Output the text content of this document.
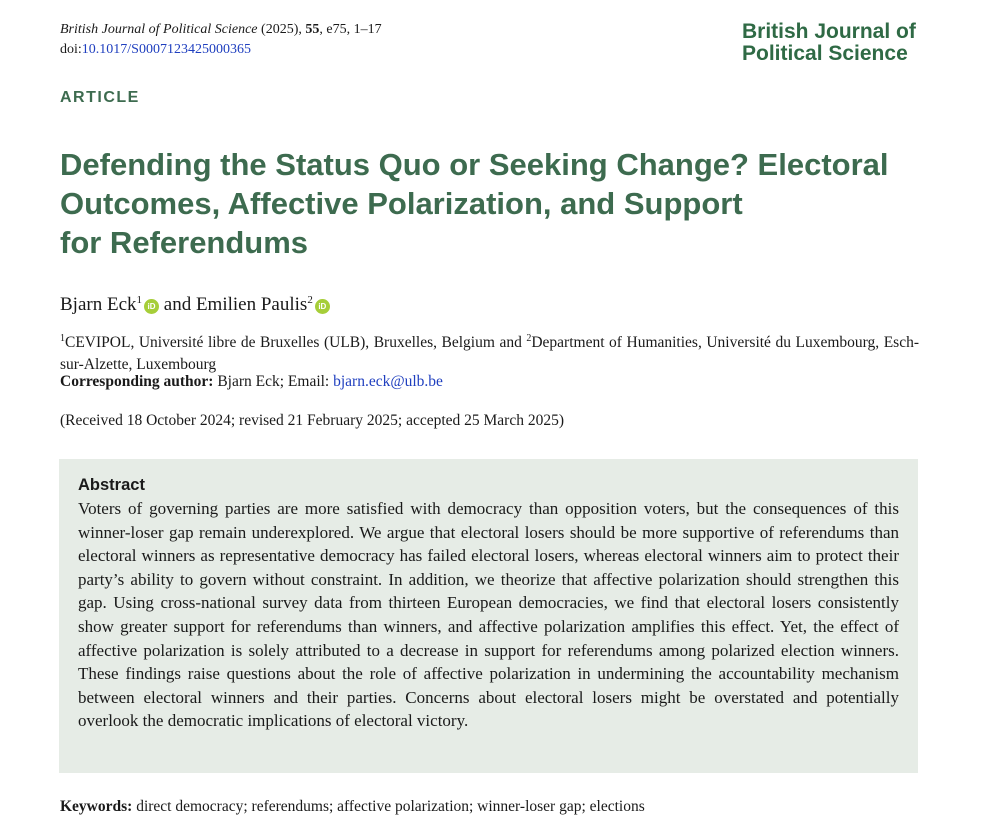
British Journal of Political Science (2025), 55, e75, 1–17
doi:10.1017/S0007123425000365
British Journal of
Political Science
ARTICLE
Defending the Status Quo or Seeking Change? Electoral
Outcomes, Affective Polarization, and Support
for Referendums
Bjarn Eck$^1$iD and Emilien Paulis$^2$iD

$^1$CEVIPOL, Université libre de Bruxelles (ULB), Bruxelles, Belgium and $^2$Department of Humanities, Université du Luxembourg, Esch-sur-Alzette, Luxembourg

Corresponding author: Bjarn Eck; Email: bjarn.eck@ulb.be
(Received 18 October 2024; revised 21 February 2025; accepted 25 March 2025)
Abstract

Voters of governing parties are more satisfied with democracy than opposition voters, but the consequences of this winner-loser gap remain underexplored. We argue that electoral losers should be more supportive of referendums than electoral winners as representative democracy has failed electoral losers, whereas electoral winners aim to protect their party’s ability to govern without constraint. In addition, we theorize that affective polarization should strengthen this gap. Using cross-national survey data from thirteen European democracies, we find that electoral losers consistently show greater support for referendums than winners, and affective polarization amplifies this effect. Yet, the effect of affective polarization is solely attributed to a decrease in support for referendums among polarized election winners. These findings raise questions about the role of affective polarization in undermining the accountability mechanism between electoral winners and their parties. Concerns about electoral losers might be overstated and potentially overlook the democratic implications of electoral victory.

Keywords: direct democracy; referendums; affective polarization; winner-loser gap; elections
